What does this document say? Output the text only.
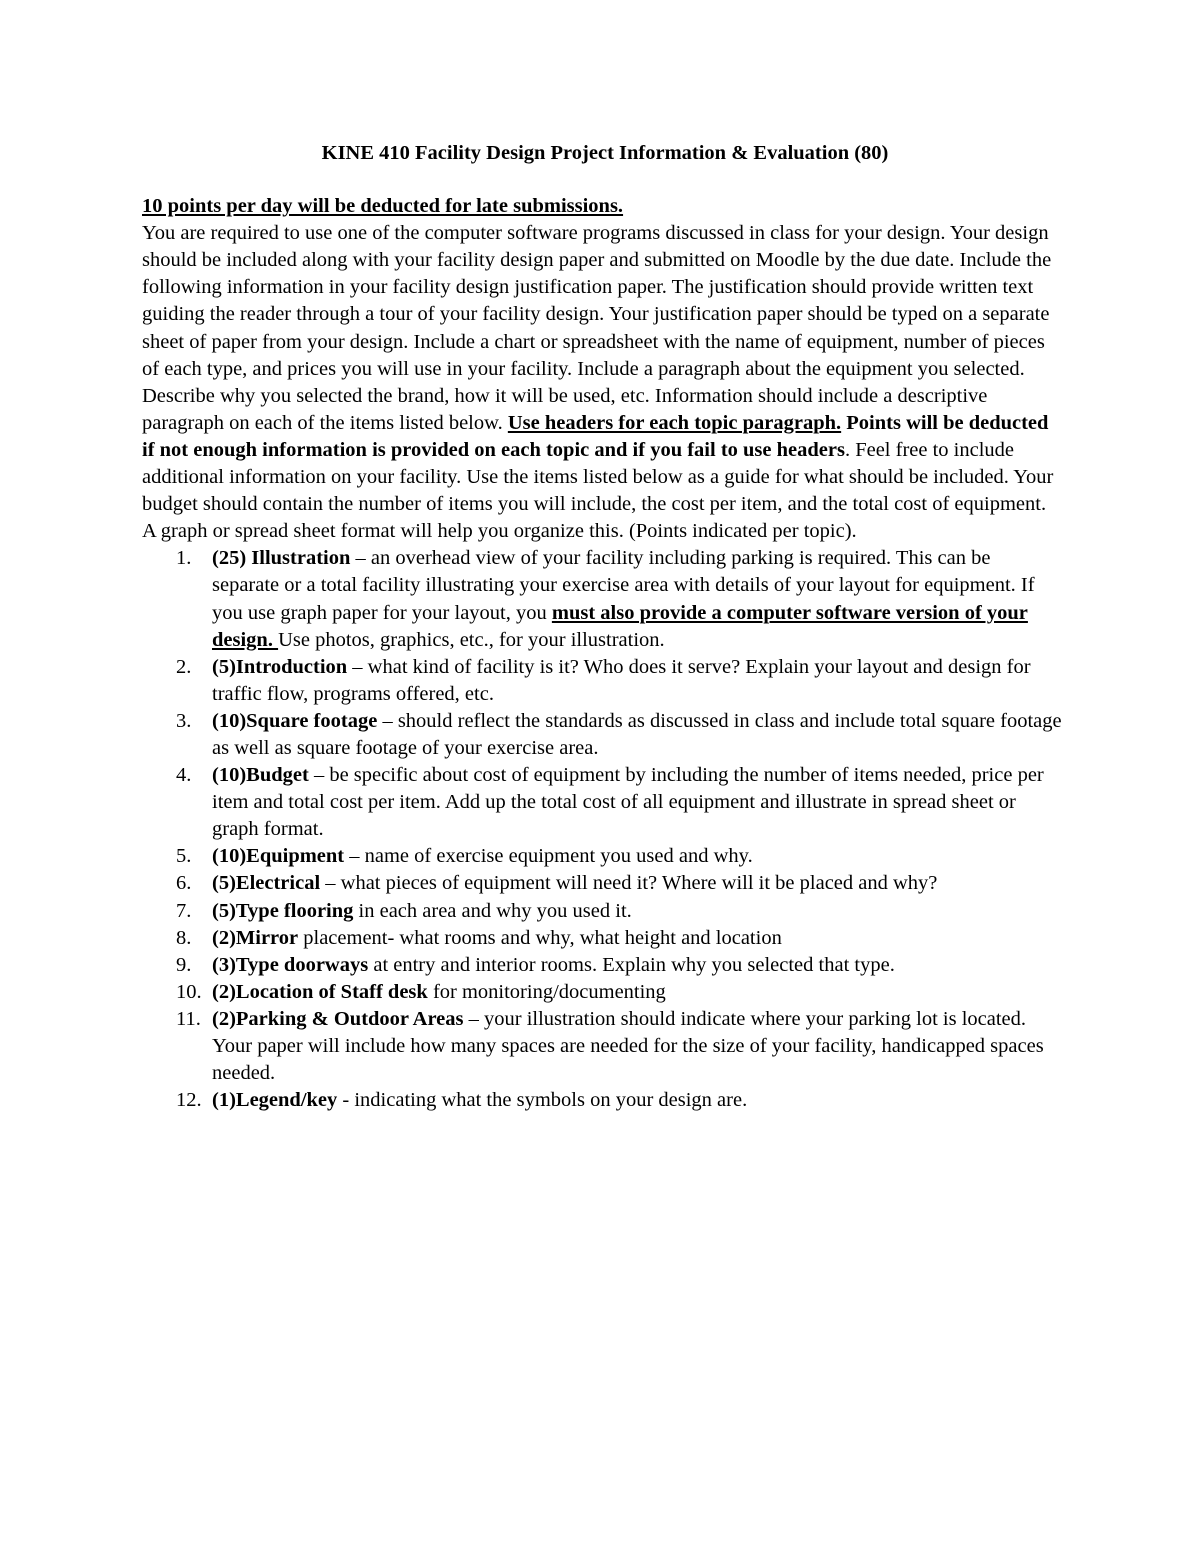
KINE 410 Facility Design Project Information & Evaluation (80)
10 points per day will be deducted for late submissions.

You are required to use one of the computer software programs discussed in class for your design. Your design should be included along with your facility design paper and submitted on Moodle by the due date. Include the following information in your facility design justification paper. The justification should provide written text guiding the reader through a tour of your facility design. Your justification paper should be typed on a separate sheet of paper from your design. Include a chart or spreadsheet with the name of equipment, number of pieces of each type, and prices you will use in your facility. Include a paragraph about the equipment you selected. Describe why you selected the brand, how it will be used, etc. Information should include a descriptive paragraph on each of the items listed below. Use headers for each topic paragraph. Points will be deducted if not enough information is provided on each topic and if you fail to use headers. Feel free to include additional information on your facility. Use the items listed below as a guide for what should be included. Your budget should contain the number of items you will include, the cost per item, and the total cost of equipment. A graph or spread sheet format will help you organize this. (Points indicated per topic).

1. (25) Illustration – an overhead view of your facility including parking is required. This can be separate or a total facility illustrating your exercise area with details of your layout for equipment. If you use graph paper for your layout, you must also provide a computer software version of your design. Use photos, graphics, etc., for your illustration.
2. (5)Introduction – what kind of facility is it? Who does it serve? Explain your layout and design for traffic flow, programs offered, etc.
3. (10)Square footage – should reflect the standards as discussed in class and include total square footage as well as square footage of your exercise area.
4. (10)Budget – be specific about cost of equipment by including the number of items needed, price per item and total cost per item. Add up the total cost of all equipment and illustrate in spread sheet or graph format.
5. (10)Equipment – name of exercise equipment you used and why.
6. (5)Electrical – what pieces of equipment will need it? Where will it be placed and why?
7. (5)Type flooring in each area and why you used it.
8. (2)Mirror placement- what rooms and why, what height and location
9. (3)Type doorways at entry and interior rooms. Explain why you selected that type.
10. (2)Location of Staff desk for monitoring/documenting
11. (2)Parking & Outdoor Areas – your illustration should indicate where your parking lot is located. Your paper will include how many spaces are needed for the size of your facility, handicapped spaces needed.
12. (1)Legend/key - indicating what the symbols on your design are.
